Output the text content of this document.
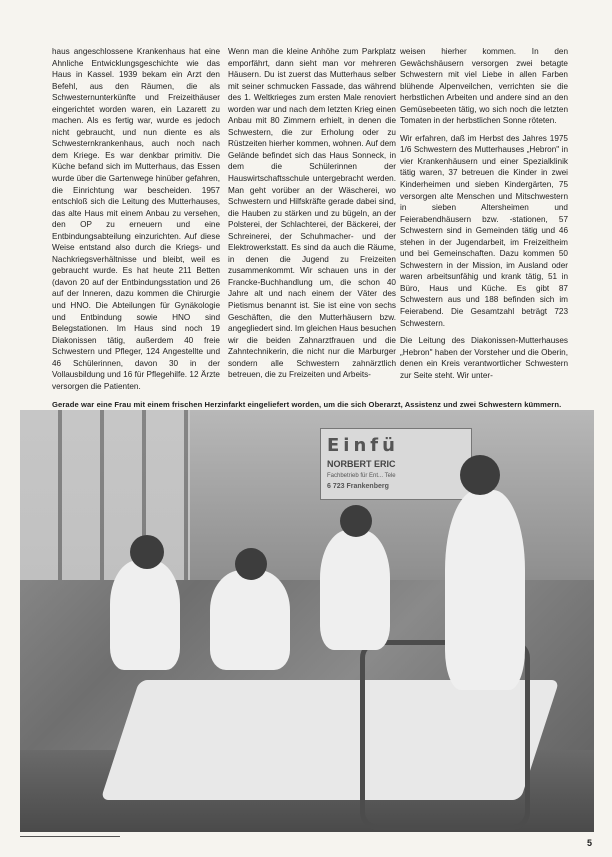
haus angeschlossene Krankenhaus hat eine Ahnliche Entwicklungsgeschichte wie das Haus in Kassel. 1939 bekam ein Arzt den Befehl, aus den Räumen, die als Schwesternunterkünfte und Freizeithäuser eingerichtet worden waren, ein Lazarett zu machen. Als es fertig war, wurde es jedoch nicht gebraucht, und nun diente es als Schwesternkrankenhaus, auch noch nach dem Kriege. Es war denkbar primitiv. Die Küche befand sich im Mutterhaus, das Essen wurde über die Gartenwege hinüber gefahren, die Einrichtung war bescheiden. 1957 entschloß sich die Leitung des Mutterhauses, das alte Haus mit einem Anbau zu versehen, den OP zu erneuern und eine Entbindungsabteilung einzurichten. Auf diese Weise entstand also durch die Kriegs- und Nachkriegsverhältnisse und bleibt, weil es gebraucht wurde. Es hat heute 211 Betten (davon 20 auf der Entbindungsstation und 26 auf der Inneren, dazu kommen die Chirurgie und HNO. Die Abteilungen für Gynäkologie und Entbindung sowie HNO sind Belegstationen. Im Haus sind noch 19 Diakonissen tätig, außerdem 40 freie Schwestern und Pfleger, 124 Angestellte und 46 Schülerinnen, davon 30 in der Vollausbildung und 16 für Pflegehilfe. 12 Ärzte versorgen die Patienten.

Wenn man die kleine Anhöhe zum Parkplatz emporfährt, dann sieht man vor mehreren Häusern. Du ist zuerst das Mutterhaus selber mit seiner schmucken Fassade, das während des 1. Weltkrieges zum ersten Male renoviert worden war und nach dem letzten Krieg einen Anbau mit 80 Zimmern erhielt, in denen die Schwestern, die zur Erholung oder zu Rüstzeiten hierher kommen, wohnen. Auf dem Gelände befindet sich das Haus Sonneck, in dem die Schülerinnen der Hauswirtschaftsschule untergebracht werden. Man geht vorüber an der Wäscherei, wo Schwestern und Hilfskräfte gerade dabei sind, die Hauben zu stärken und zu bügeln, an der Polsterei, der Schlachterei, der Bäckerei, der Schreinerei, der Schuhmacher- und der Elektrowerkstatt. Es sind da auch die Räume, in denen die Jugend zu Freizeiten zusammenkommt. Wir schauen uns in der Francke-Buchhandlung um, die schon 40 Jahre alt und nach einem der Väter des Pietismus benannt ist. Sie ist eine von sechs Geschäften, die den Mutterhäusern bzw. angegliedert sind. Im gleichen Haus besuchen wir die beiden Zahnarztfrauen und die Zahntechnikerin, die nicht nur die Marburger sondern alle Schwestern zahnärztlich betreuen, die zu Freizeiten und Arbeits-

weisen hierher kommen. In den Gewächshäusern versorgen zwei betagte Schwestern mit viel Liebe in allen Farben blühende Alpenveilchen, verrichten sie die herbstlichen Arbeiten und andere sind an den Gemüsebeeten tätig, wo sich noch die letzten Tomaten in der herbstlichen Sonne röteten.

Wir erfahren, daß im Herbst des Jahres 1975 1/6 Schwestern des Mutterhauses „Hebron" in vier Krankenhäusern und einer Spezialklinik tätig waren, 37 betreuen die Kinder in zwei Kinderheimen und sieben Kindergärten, 75 versorgen alte Menschen und Mitschwestern in sieben Altersheimen und Feierabendhäusern bzw. -stationen, 57 Schwestern sind in Gemeinden tätig und 46 stehen in der Jugendarbeit, im Freizeitheim und bei Gemeinschaften. Dazu kommen 50 Schwestern in der Mission, im Ausland oder waren arbeitsunfähig und krank tätig, 51 in Büro, Haus und Küche. Es gibt 87 Schwestern aus und 188 befinden sich im Feierabend. Die Gesamtzahl beträgt 723 Schwestern.

Die Leitung des Diakonissen-Mutterhauses „Hebron" haben der Vorsteher und die Oberin, denen ein Kreis verantwortlicher Schwestern zur Seite steht. Wir unter-

Gerade war eine Frau mit einem frischen Herzinfarkt eingeliefert worden, um die sich Oberarzt, Assistenz und zwei Schwestern kümmern.
Einfü
NORBERT ERIC
Fachbetrieb für Ent... Tele
6 723 Frankenberg
5
